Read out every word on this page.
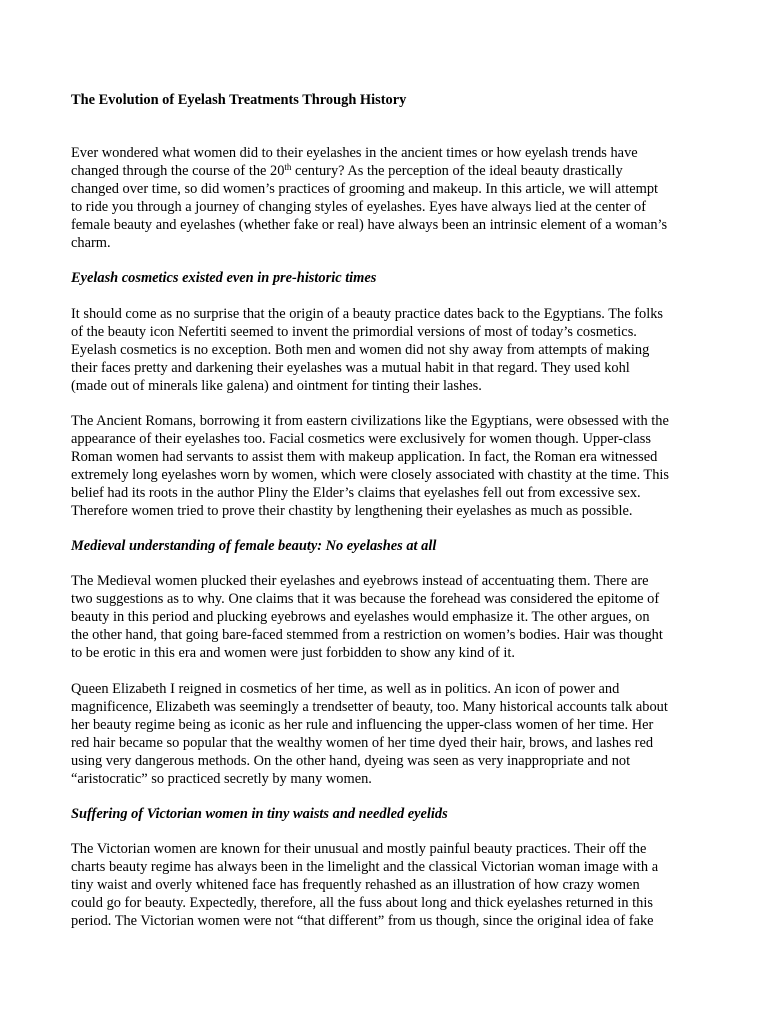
The Evolution of Eyelash Treatments Through History

Ever wondered what women did to their eyelashes in the ancient times or how eyelash trends have
changed through the course of the 20th century? As the perception of the ideal beauty drastically
changed over time, so did women’s practices of grooming and makeup. In this article, we will attempt
to ride you through a journey of changing styles of eyelashes. Eyes have always lied at the center of
female beauty and eyelashes (whether fake or real) have always been an intrinsic element of a woman’s
charm.

Eyelash cosmetics existed even in pre-historic times

It should come as no surprise that the origin of a beauty practice dates back to the Egyptians. The folks
of the beauty icon Nefertiti seemed to invent the primordial versions of most of today’s cosmetics.
Eyelash cosmetics is no exception. Both men and women did not shy away from attempts of making
their faces pretty and darkening their eyelashes was a mutual habit in that regard. They used kohl
(made out of minerals like galena) and ointment for tinting their lashes.

The Ancient Romans, borrowing it from eastern civilizations like the Egyptians, were obsessed with the
appearance of their eyelashes too. Facial cosmetics were exclusively for women though. Upper-class
Roman women had servants to assist them with makeup application. In fact, the Roman era witnessed
extremely long eyelashes worn by women, which were closely associated with chastity at the time. This
belief had its roots in the author Pliny the Elder’s claims that eyelashes fell out from excessive sex.
Therefore women tried to prove their chastity by lengthening their eyelashes as much as possible.

Medieval understanding of female beauty: No eyelashes at all

The Medieval women plucked their eyelashes and eyebrows instead of accentuating them. There are
two suggestions as to why. One claims that it was because the forehead was considered the epitome of
beauty in this period and plucking eyebrows and eyelashes would emphasize it. The other argues, on
the other hand, that going bare-faced stemmed from a restriction on women’s bodies. Hair was thought
to be erotic in this era and women were just forbidden to show any kind of it.

Queen Elizabeth I reigned in cosmetics of her time, as well as in politics. An icon of power and
magnificence, Elizabeth was seemingly a trendsetter of beauty, too. Many historical accounts talk about
her beauty regime being as iconic as her rule and influencing the upper-class women of her time. Her
red hair became so popular that the wealthy women of her time dyed their hair, brows, and lashes red
using very dangerous methods. On the other hand, dyeing was seen as very inappropriate and not
“aristocratic” so practiced secretly by many women.

Suffering of Victorian women in tiny waists and needled eyelids

The Victorian women are known for their unusual and mostly painful beauty practices. Their off the
charts beauty regime has always been in the limelight and the classical Victorian woman image with a
tiny waist and overly whitened face has frequently rehashed as an illustration of how crazy women
could go for beauty. Expectedly, therefore, all the fuss about long and thick eyelashes returned in this
period. The Victorian women were not “that different” from us though, since the original idea of fake
